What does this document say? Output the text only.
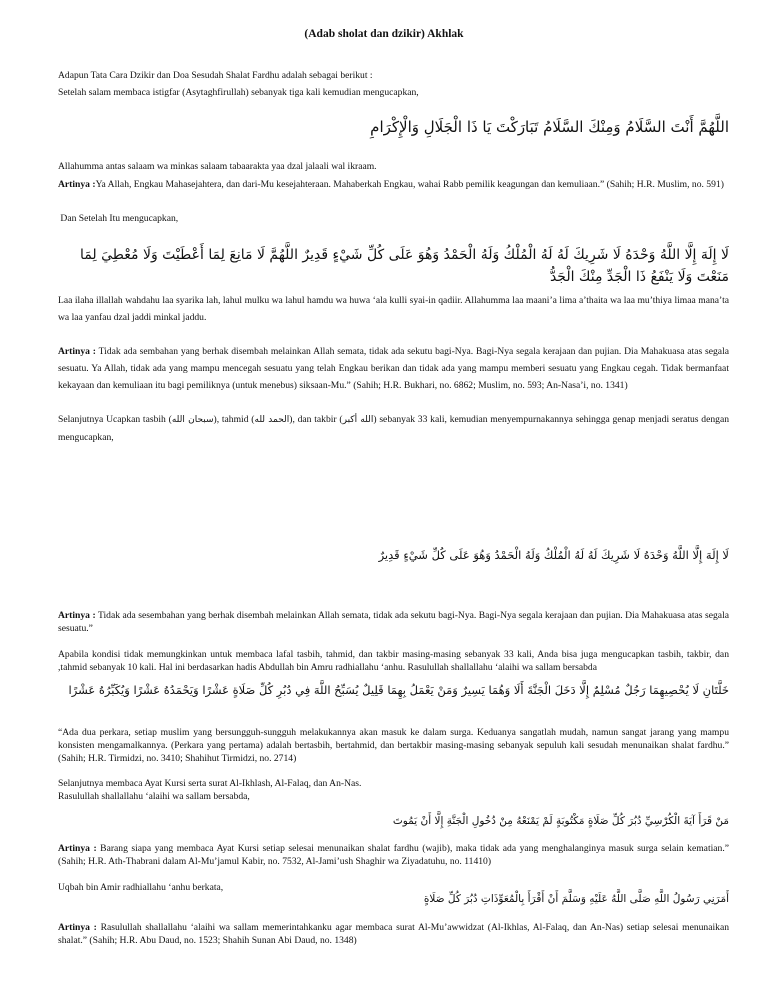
(Adab sholat dan dzikir) Akhlak
Adapun Tata Cara Dzikir dan Doa Sesudah Shalat Fardhu adalah sebagai berikut :
Setelah salam membaca istigfar (Asytaghfirullah) sebanyak tiga kali kemudian mengucapkan,
اللَّهُمَّ أَنْتَ السَّلَامُ وَمِنْكَ السَّلَامُ تَبَارَكْتَ يَا ذَا الْجَلَالِ وَالْإِكْرَامِ
Allahumma antas salaam wa minkas salaam tabaarakta yaa dzal jalaali wal ikraam.
Artinya :Ya Allah, Engkau Mahasejahtera, dan dari-Mu kesejahteraan. Mahaberkah Engkau, wahai Rabb pemilik keagungan dan kemuliaan.” (Sahih; H.R. Muslim, no. 591)
Dan Setelah Itu mengucapkan,
لَا إِلَهَ إِلَّا اللَّهُ وَحْدَهُ لَا شَرِيكَ لَهُ لَهُ الْمُلْكُ وَلَهُ الْحَمْدُ وَهُوَ عَلَى كُلِّ شَيْءٍ قَدِيرٌ اللَّهُمَّ لَا مَانِعَ لِمَا أَعْطَيْتَ وَلَا مُعْطِيَ لِمَا مَنَعْتَ وَلَا يَنْفَعُ ذَا الْجَدِّ مِنْكَ الْجَدُّ
Laa ilaha illallah wahdahu laa syarika lah, lahul mulku wa lahul hamdu wa huwa ‘ala kulli syai-in qadiir. Allahumma laa maani’a lima a’thaita wa laa mu’thiya limaa mana’ta wa laa yanfau dzal jaddi minkal jaddu.
Artinya : Tidak ada sembahan yang berhak disembah melainkan Allah semata, tidak ada sekutu bagi-Nya. Bagi-Nya segala kerajaan dan pujian. Dia Mahakuasa atas segala sesuatu. Ya Allah, tidak ada yang mampu mencegah sesuatu yang telah Engkau berikan dan tidak ada yang mampu memberi sesuatu yang Engkau cegah. Tidak bermanfaat kekayaan dan kemuliaan itu bagi pemiliknya (untuk menebus) siksaan-Mu.” (Sahih; H.R. Bukhari, no. 6862; Muslim, no. 593; An-Nasa’i, no. 1341)
Selanjutnya Ucapkan tasbih (سبحان الله), tahmid (الحمد لله), dan takbir (الله أكبر) sebanyak 33 kali, kemudian menyempurnakannya sehingga genap menjadi seratus dengan mengucapkan,
لَا إِلَهَ إِلَّا اللَّهُ وَحْدَهُ لَا شَرِيكَ لَهُ لَهُ الْمُلْكُ وَلَهُ الْحَمْدُ وَهُوَ عَلَى كُلِّ شَيْءٍ قَدِيرٌ
Artinya : Tidak ada sesembahan yang berhak disembah melainkan Allah semata, tidak ada sekutu bagi-Nya. Bagi-Nya segala kerajaan dan pujian. Dia Mahakuasa atas segala sesuatu.”
Apabila kondisi tidak memungkinkan untuk membaca lafal tasbih, tahmid, dan takbir masing-masing sebanyak 33 kali, Anda bisa juga mengucapkan tasbih, takbir, dan ,tahmid sebanyak 10 kali. Hal ini berdasarkan hadis Abdullah bin Amru radhiallahu ‘anhu. Rasulullah shallallahu ‘alaihi wa sallam bersabda
خَلَّتَانِ لَا يُحْصِيهِمَا رَجُلٌ مُسْلِمٌ إِلَّا دَخَلَ الْجَنَّةَ أَلَا وَهُمَا يَسِيرٌ وَمَنْ يَعْمَلُ بِهِمَا قَلِيلٌ يُسَبِّحُ اللَّهَ فِي دُبُرِ كُلِّ صَلَاةٍ عَشْرًا وَيَحْمَدُهُ عَشْرًا وَيُكَبِّرُهُ عَشْرًا
“Ada dua perkara, setiap muslim yang bersungguh-sungguh melakukannya akan masuk ke dalam surga. Keduanya sangatlah mudah, namun sangat jarang yang mampu konsisten mengamalkannya. (Perkara yang pertama) adalah bertasbih, bertahmid, dan bertakbir masing-masing sebanyak sepuluh kali sesudah menunaikan shalat fardhu.” (Sahih; H.R. Tirmidzi, no. 3410; Shahihut Tirmidzi, no. 2714)
Selanjutnya membaca Ayat Kursi serta surat Al-Ikhlash, Al-Falaq, dan An-Nas.
Rasulullah shallallahu ‘alaihi wa sallam bersabda,
مَنْ قَرَأَ آيَةَ الْكُرْسِيِّ دُبُرَ كُلِّ صَلَاةٍ مَكْتُوبَةٍ لَمْ يَمْنَعْهُ مِنْ دُخُولِ الْجَنَّةِ إِلَّا أَنْ يَمُوتَ
Artinya : Barang siapa yang membaca Ayat Kursi setiap selesai menunaikan shalat fardhu (wajib), maka tidak ada yang menghalanginya masuk surga selain kematian.” (Sahih; H.R. Ath-Thabrani dalam Al-Mu’jamul Kabir, no. 7532, Al-Jami’ush Shaghir wa Ziyadatuhu, no. 11410)
Uqbah bin Amir radhiallahu ‘anhu berkata,
أَمَرَنِي رَسُولُ اللَّهِ صَلَّى اللَّهُ عَلَيْهِ وَسَلَّمَ أَنْ أَقْرَأَ بِالْمُعَوِّذَاتِ دُبُرَ كُلِّ صَلَاةٍ
Artinya : Rasulullah shallallahu ‘alaihi wa sallam memerintahkanku agar membaca surat Al-Mu’awwidzat (Al-Ikhlas, Al-Falaq, dan An-Nas) setiap selesai menunaikan shalat.” (Sahih; H.R. Abu Daud, no. 1523; Shahih Sunan Abi Daud, no. 1348)
